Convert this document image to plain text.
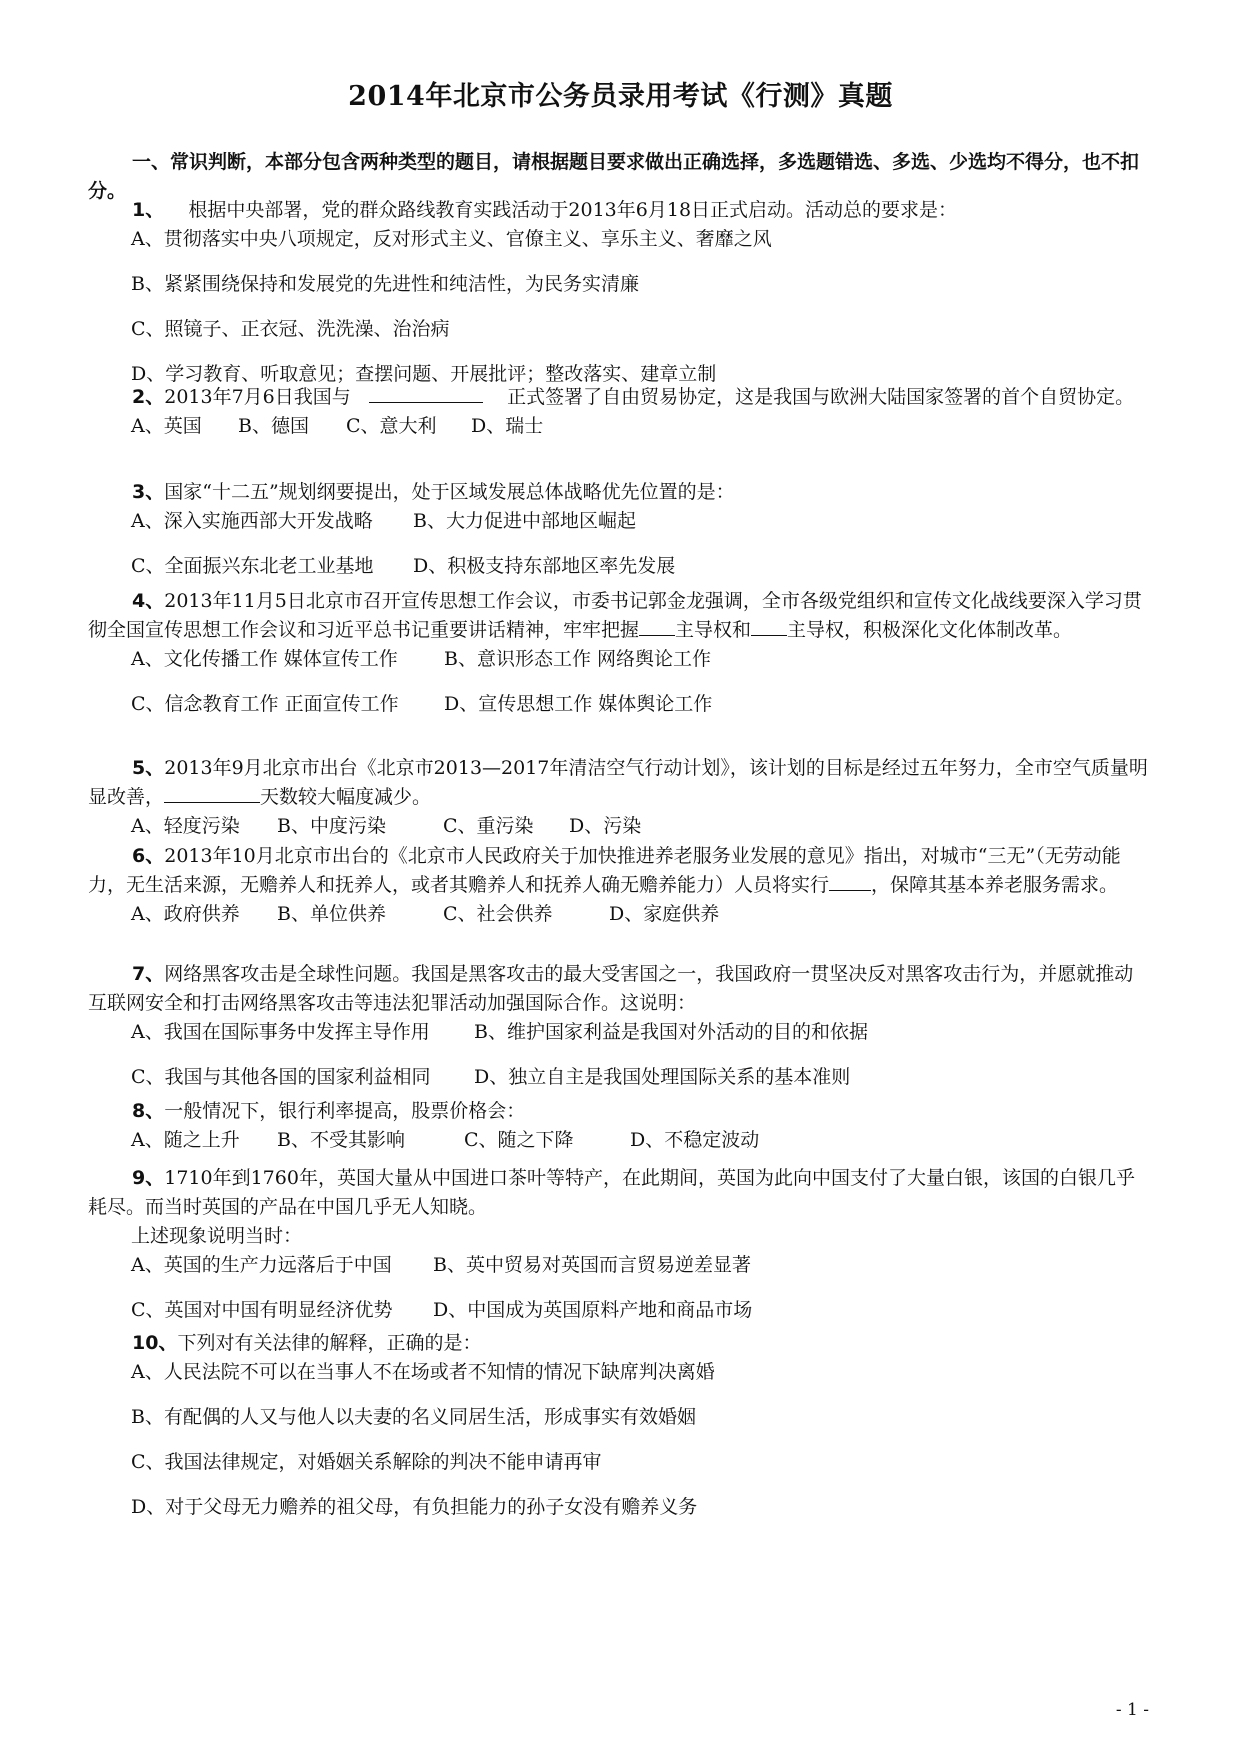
2014年北京市公务员录用考试《行测》真题
一、常识判断，本部分包含两种类型的题目，请根据题目要求做出正确选择，多选题错选、多选、少选均不得分，也不扣分。

1、 根据中央部署，党的群众路线教育实践活动于2013年6月18日正式启动。活动总的要求是：

A、贯彻落实中央八项规定，反对形式主义、官僚主义、享乐主义、奢靡之风

B、紧紧围绕保持和发展党的先进性和纯洁性，为民务实清廉

C、照镜子、正衣冠、洗洗澡、治治病

D、学习教育、听取意见；查摆问题、开展批评；整改落实、建章立制

2、2013年7月6日我国与	正式签署了自由贸易协定，这是我国与欧洲大陆国家签署的首个自贸协定。

A、英国 B、德国 C、意大利 D、瑞士

3、国家“十二五”规划纲要提出，处于区域发展总体战略优先位置的是：

A、深入实施西部大开发战略 B、大力促进中部地区崛起

C、全面振兴东北老工业基地 D、积极支持东部地区率先发展

4、2013年11月5日北京市召开宣传思想工作会议，市委书记郭金龙强调，全市各级党组织和宣传文化战线要深入学习贯彻全国宣传思想工作会议和习近平总书记重要讲话精神，牢牢把握 主导权和 主导权，积极深化文化体制改革。

A、文化传播工作 媒体宣传工作 B、意识形态工作 网络舆论工作

C、信念教育工作 正面宣传工作 D、宣传思想工作 媒体舆论工作

5、2013年9月北京市出台《北京市2013—2017年清洁空气行动计划》，该计划的目标是经过五年努力，全市空气质量明显改善，	天数较大幅度减少。

A、轻度污染 B、中度污染	C、重污染 D、污染

6、2013年10月北京市出台的《北京市人民政府关于加快推进养老服务业发展的意见》指出，对城市“三无”（无劳动能力，无生活来源，无赡养人和抚养人，或者其赡养人和抚养人确无赡养能力）人员将实行 ，保障其基本养老服务需求。

A、政府供养 B、单位供养	C、社会供养	D、家庭供养

7、网络黑客攻击是全球性问题。我国是黑客攻击的最大受害国之一，我国政府一贯坚决反对黑客攻击行为，并愿就推动互联网安全和打击网络黑客攻击等违法犯罪活动加强国际合作。这说明：

A、我国在国际事务中发挥主导作用 B、维护国家利益是我国对外活动的目的和依据

C、我国与其他各国的国家利益相同 D、独立自主是我国处理国际关系的基本准则

8、一般情况下，银行利率提高，股票价格会：

A、随之上升 B、不受其影响	C、随之下降	D、不稳定波动

9、1710年到1760年，英国大量从中国进口茶叶等特产，在此期间，英国为此向中国支付了大量白银，该国的白银几乎耗尽。而当时英国的产品在中国几乎无人知晓。

上述现象说明当时：

A、英国的生产力远落后于中国 B、英中贸易对英国而言贸易逆差显著

C、英国对中国有明显经济优势 D、中国成为英国原料产地和商品市场

10、下列对有关法律的解释，正确的是：

A、人民法院不可以在当事人不在场或者不知情的情况下缺席判决离婚

B、有配偶的人又与他人以夫妻的名义同居生活，形成事实有效婚姻

C、我国法律规定，对婚姻关系解除的判决不能申请再审

D、对于父母无力赡养的祖父母，有负担能力的孙子女没有赡养义务

- 1 -
